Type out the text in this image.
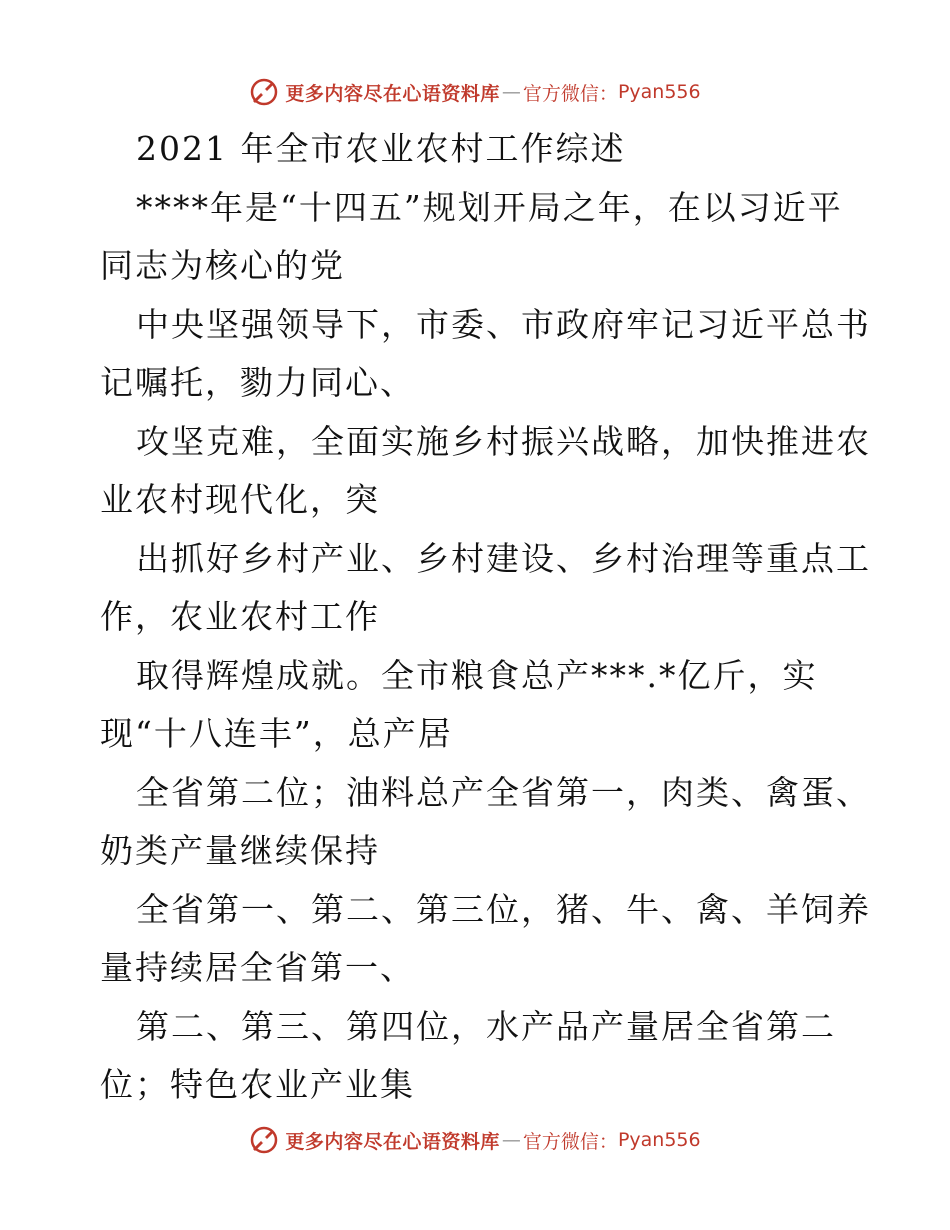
更多内容尽在心语资料库 — 官方微信： Pyan556
2021 年全市农业农村工作综述
****年是“十四五”规划开局之年，在以习近平
同志为核心的党
中央坚强领导下，市委、市政府牢记习近平总书
记嘱托，勠力同心、
攻坚克难，全面实施乡村振兴战略，加快推进农
业农村现代化，突
出抓好乡村产业、乡村建设、乡村治理等重点工
作，农业农村工作
取得辉煌成就。全市粮食总产***.*亿斤，实
现“十八连丰”，总产居
全省第二位；油料总产全省第一，肉类、禽蛋、
奶类产量继续保持
全省第一、第二、第三位，猪、牛、禽、羊饲养
量持续居全省第一、
第二、第三、第四位，水产品产量居全省第二
位；特色农业产业集
更多内容尽在心语资料库 — 官方微信： Pyan556
